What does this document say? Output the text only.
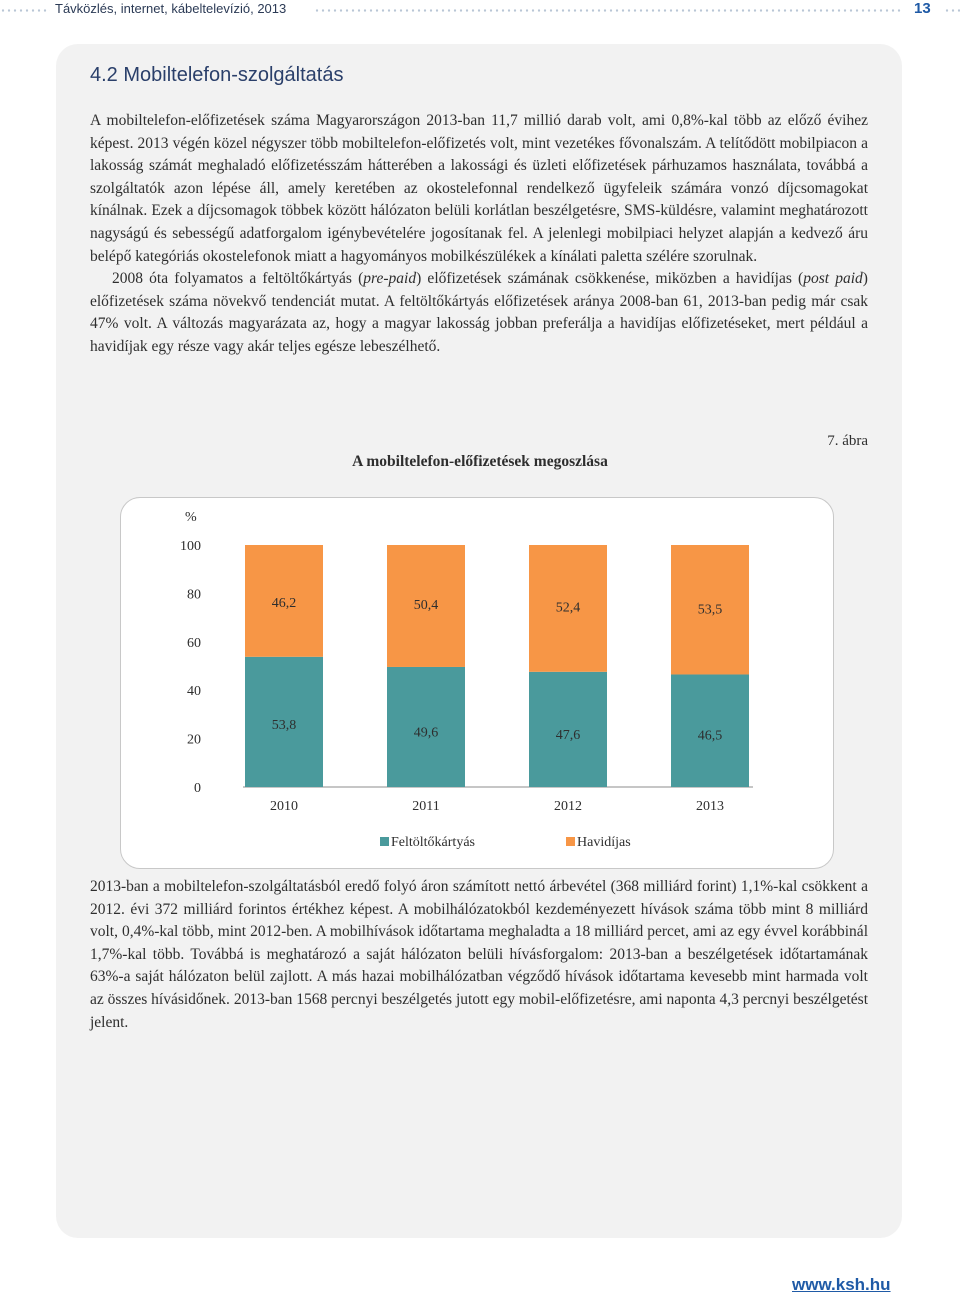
Távközlés, internet, kábeltelevízió, 2013	13
4.2 Mobiltelefon-szolgáltatás

A mobiltelefon-előfizetések száma Magyarországon 2013-ban 11,7 millió darab volt, ami 0,8%-kal több az előző évihez képest. 2013 végén közel négyszer több mobiltelefon-előfizetés volt, mint vezetékes fővonalszám. A telítődött mobilpiacon a lakosság számát meghaladó előfizetésszám hátterében a lakossági és üzleti előfizetések párhuzamos használata, továbbá a szolgáltatók azon lépése áll, amely keretében az okostelefonnal rendelkező ügyfeleik számára vonzó díjcsomagokat kínálnak. Ezek a díjcsomagok többek között hálózaton belüli korlátlan beszélgetésre, SMS-küldésre, valamint meghatározott nagyságú és sebességű adatforgalom igénybevételére jogosítanak fel. A jelenlegi mobilpiaci helyzet alapján a kedvező áru belépő kategóriás okostelefonok miatt a hagyományos mobilkészülékek a kínálati paletta szélére szorulnak.

2008 óta folyamatos a feltöltőkártyás (pre-paid) előfizetések számának csökkenése, miközben a havidíjas (post paid) előfizetések száma növekvő tendenciát mutat. A feltöltőkártyás előfizetések aránya 2008-ban 61, 2013-ban pedig már csak 47% volt. A változás magyarázata az, hogy a magyar lakosság jobban preferálja a havidíjas előfizetéseket, mert például a havidíjak egy része vagy akár teljes egésze lebeszélhető.

7. ábra
A mobiltelefon-előfizetések megoszlása
%
0
20
40
60
80
100
53,8
46,2
2010
49,6
50,4
2011
47,6
52,4
2012
46,5
53,5
2013
Feltöltőkártyás	Havidíjas

2013-ban a mobiltelefon-szolgáltatásból eredő folyó áron számított nettó árbevétel (368 milliárd forint) 1,1%-kal csökkent a 2012. évi 372 milliárd forintos értékhez képest. A mobilhálózatokból kezdeményezett hívások száma több mint 8 milliárd volt, 0,4%-kal több, mint 2012-ben. A mobilhívások időtartama meghaladta a 18 milliárd percet, ami az egy évvel korábbinál 1,7%-kal több. Továbbá is meghatározó a saját hálózaton belüli hívásforgalom: 2013-ban a beszélgetések időtartamának 63%-a saját hálózaton belül zajlott. A más hazai mobilhálózatban végződő hívások időtartama kevesebb mint harmada volt az összes hívásidőnek. 2013-ban 1568 percnyi beszélgetés jutott egy mobil-előfizetésre, ami naponta 4,3 percnyi beszélgetést jelent.

www.ksh.hu
